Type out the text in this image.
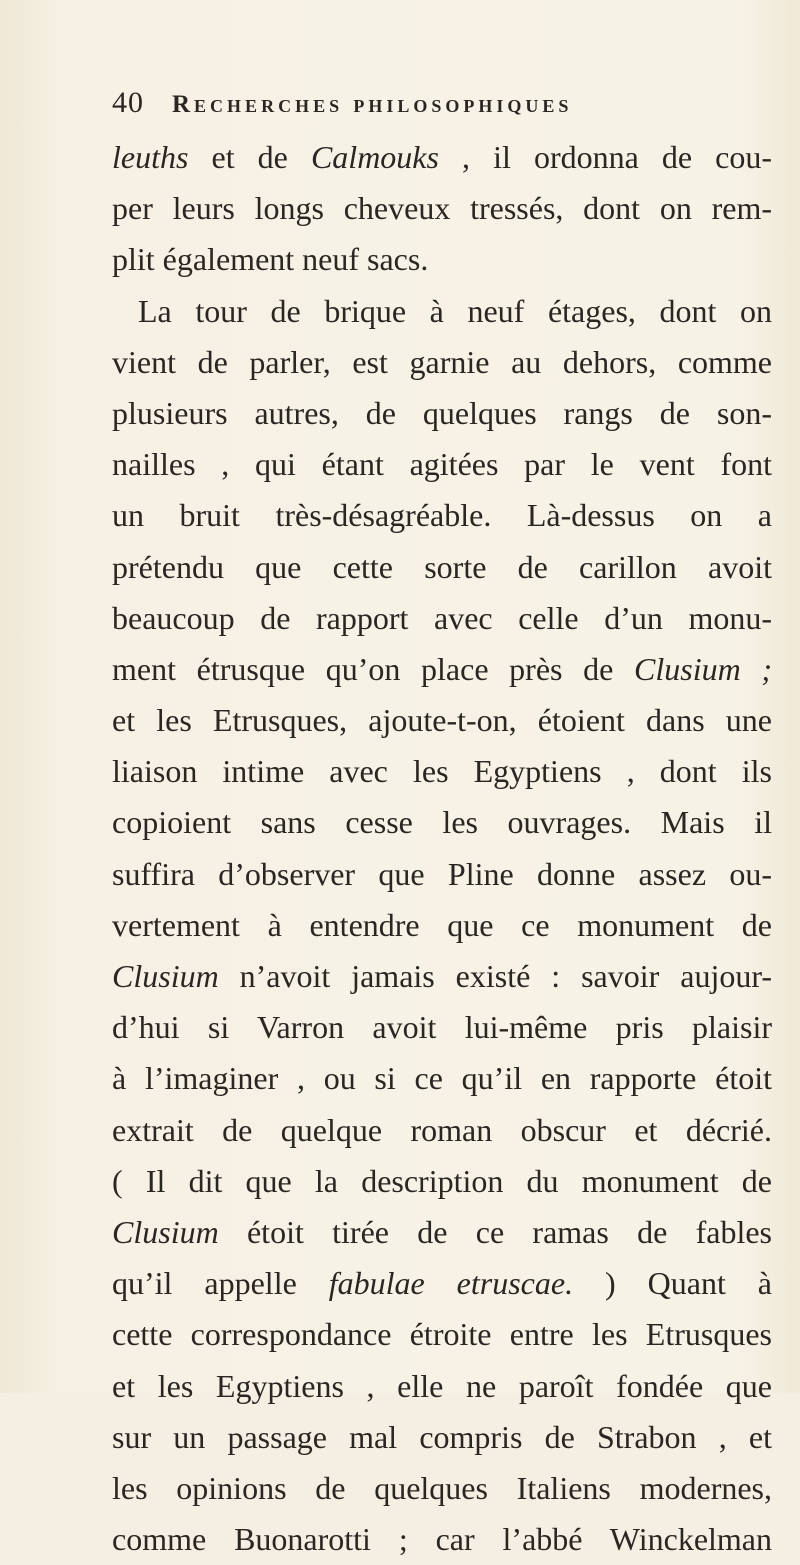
40	Recherches philosophiques
leuths et de Calmouks , il ordonna de cou-
per leurs longs cheveux tressés, dont on rem-
plit également neuf sacs.
La tour de brique à neuf étages, dont on
vient de parler, est garnie au dehors, comme
plusieurs autres, de quelques rangs de son-
nailles , qui étant agitées par le vent font
un bruit très-désagréable. Là-dessus on a
prétendu que cette sorte de carillon avoit
beaucoup de rapport avec celle d’un monu-
ment étrusque qu’on place près de Clusium ;
et les Etrusques, ajoute-t-on, étoient dans une
liaison intime avec les Egyptiens , dont ils
copioient sans cesse les ouvrages. Mais il
suffira d’observer que Pline donne assez ou-
vertement à entendre que ce monument de
Clusium n’avoit jamais existé : savoir aujour-
d’hui si Varron avoit lui-même pris plaisir
à l’imaginer , ou si ce qu’il en rapporte étoit
extrait de quelque roman obscur et décrié.
( Il dit que la description du monument de
Clusium étoit tirée de ce ramas de fables
qu’il appelle fabulae etruscae. ) Quant à
cette correspondance étroite entre les Etrusques
et les Egyptiens , elle ne paroît fondée que
sur un passage mal compris de Strabon , et
les opinions de quelques Italiens modernes,
comme Buonarotti ; car l’abbé Winckelman
